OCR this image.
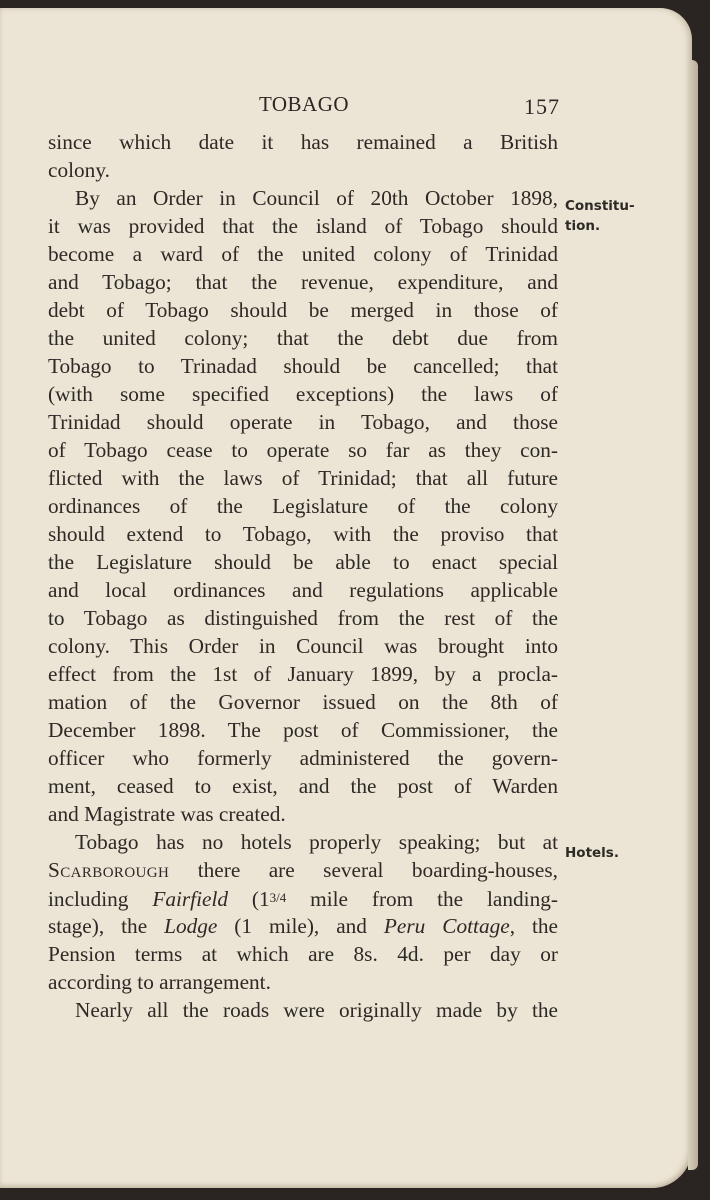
TOBAGO	157
Constitu-
tion.
Hotels.
since which date it has remained a British
colony.
By an Order in Council of 20th October 1898,
it was provided that the island of Tobago should
become a ward of the united colony of Trinidad
and Tobago; that the revenue, expenditure, and
debt of Tobago should be merged in those of
the united colony; that the debt due from
Tobago to Trinadad should be cancelled; that
(with some specified exceptions) the laws of
Trinidad should operate in Tobago, and those
of Tobago cease to operate so far as they con-
flicted with the laws of Trinidad; that all future
ordinances of the Legislature of the colony
should extend to Tobago, with the proviso that
the Legislature should be able to enact special
and local ordinances and regulations applicable
to Tobago as distinguished from the rest of the
colony. This Order in Council was brought into
effect from the 1st of January 1899, by a procla-
mation of the Governor issued on the 8th of
December 1898. The post of Commissioner, the
officer who formerly administered the govern-
ment, ceased to exist, and the post of Warden
and Magistrate was created.
Tobago has no hotels properly speaking; but at
Scarborough there are several boarding-houses,
including Fairfield (13/4 mile from the landing-
stage), the Lodge (1 mile), and Peru Cottage, the
Pension terms at which are 8s. 4d. per day or
according to arrangement.
Nearly all the roads were originally made by the
